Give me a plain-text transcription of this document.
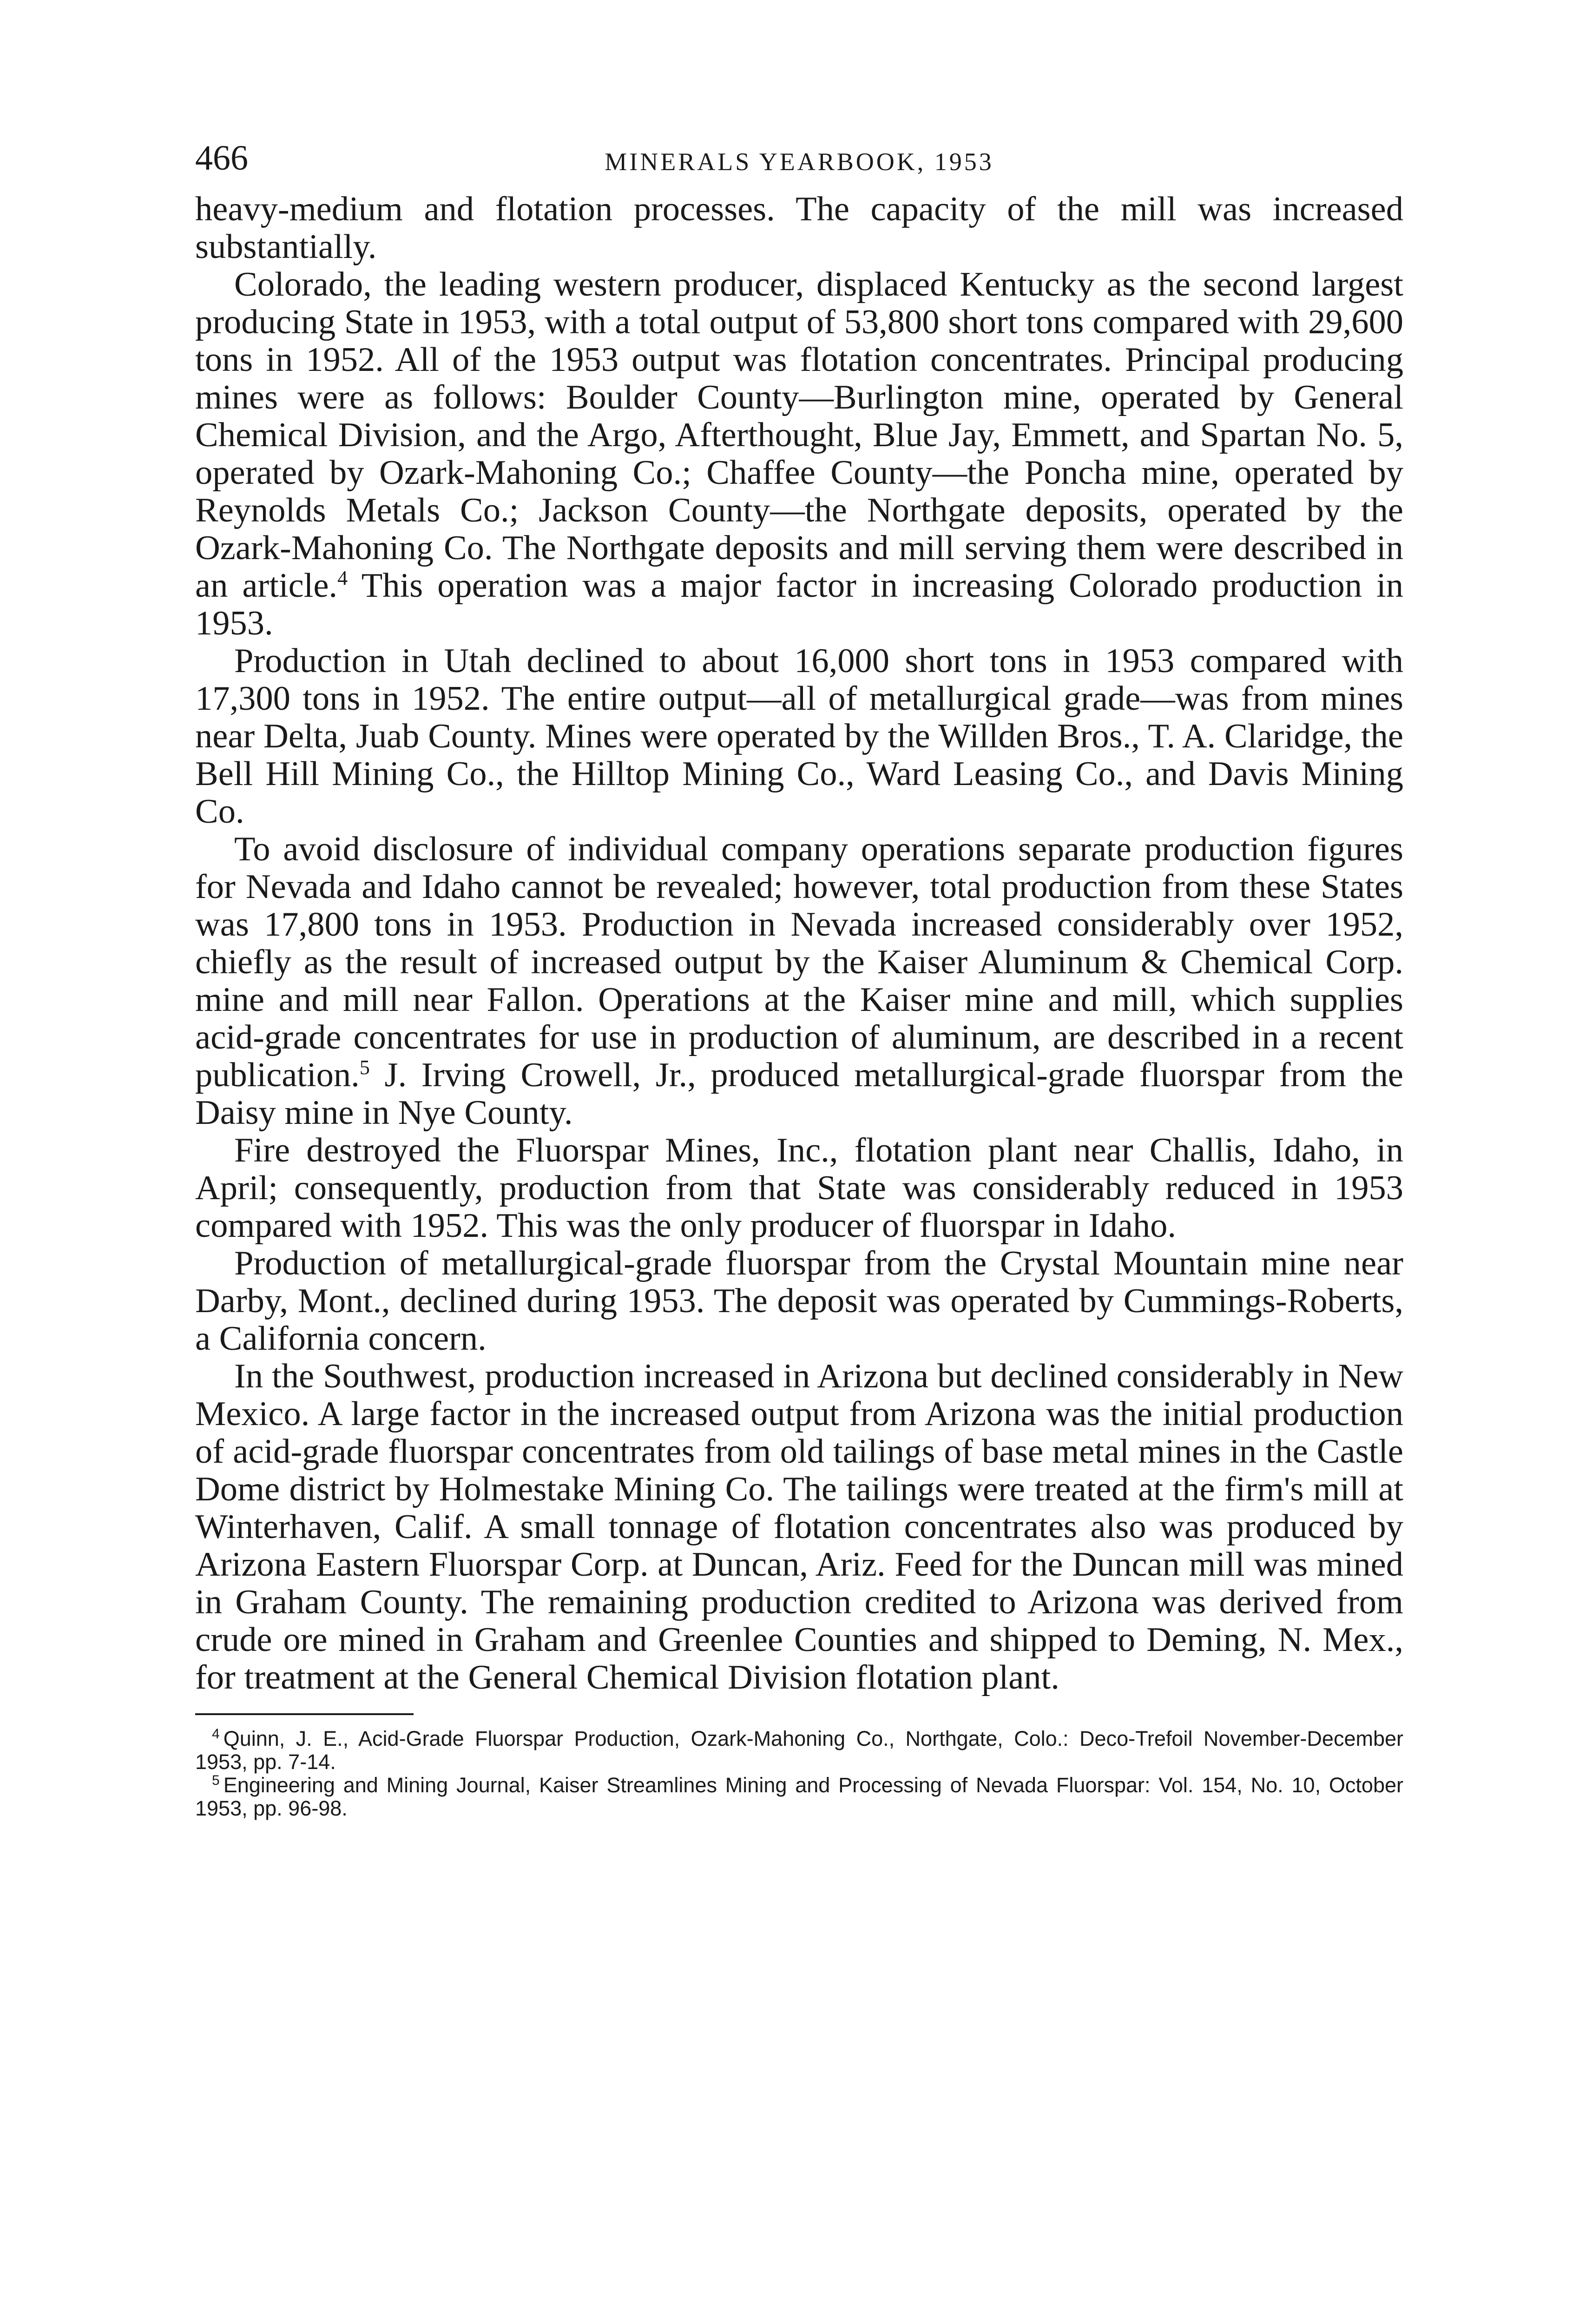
466	MINERALS YEARBOOK, 1953

heavy-medium and flotation processes. The capacity of the mill was increased substantially.

Colorado, the leading western producer, displaced Kentucky as the second largest producing State in 1953, with a total output of 53,800 short tons compared with 29,600 tons in 1952. All of the 1953 output was flotation concentrates. Principal producing mines were as follows: Boulder County—Burlington mine, operated by General Chemical Division, and the Argo, Afterthought, Blue Jay, Emmett, and Spartan No. 5, operated by Ozark-Mahoning Co.; Chaffee County—the Poncha mine, operated by Reynolds Metals Co.; Jackson County—the Northgate deposits, operated by the Ozark-Mahoning Co. The Northgate deposits and mill serving them were described in an article.$^4$ This operation was a major factor in increasing Colorado production in 1953.

Production in Utah declined to about 16,000 short tons in 1953 compared with 17,300 tons in 1952. The entire output—all of metallurgical grade—was from mines near Delta, Juab County. Mines were operated by the Willden Bros., T. A. Claridge, the Bell Hill Mining Co., the Hilltop Mining Co., Ward Leasing Co., and Davis Mining Co.

To avoid disclosure of individual company operations separate production figures for Nevada and Idaho cannot be revealed; however, total production from these States was 17,800 tons in 1953. Production in Nevada increased considerably over 1952, chiefly as the result of increased output by the Kaiser Aluminum & Chemical Corp. mine and mill near Fallon. Operations at the Kaiser mine and mill, which supplies acid-grade concentrates for use in production of aluminum, are described in a recent publication.$^5$ J. Irving Crowell, Jr., produced metallurgical-grade fluorspar from the Daisy mine in Nye County.

Fire destroyed the Fluorspar Mines, Inc., flotation plant near Challis, Idaho, in April; consequently, production from that State was considerably reduced in 1953 compared with 1952. This was the only producer of fluorspar in Idaho.

Production of metallurgical-grade fluorspar from the Crystal Mountain mine near Darby, Mont., declined during 1953. The deposit was operated by Cummings-Roberts, a California concern.

In the Southwest, production increased in Arizona but declined considerably in New Mexico. A large factor in the increased output from Arizona was the initial production of acid-grade fluorspar concentrates from old tailings of base metal mines in the Castle Dome district by Holmestake Mining Co. The tailings were treated at the firm's mill at Winterhaven, Calif. A small tonnage of flotation concentrates also was produced by Arizona Eastern Fluorspar Corp. at Duncan, Ariz. Feed for the Duncan mill was mined in Graham County. The remaining production credited to Arizona was derived from crude ore mined in Graham and Greenlee Counties and shipped to Deming, N. Mex., for treatment at the General Chemical Division flotation plant.

$^4$ Quinn, J. E., Acid-Grade Fluorspar Production, Ozark-Mahoning Co., Northgate, Colo.: Deco-Trefoil November-December 1953, pp. 7-14.

$^5$ Engineering and Mining Journal, Kaiser Streamlines Mining and Processing of Nevada Fluorspar: Vol. 154, No. 10, October 1953, pp. 96-98.
